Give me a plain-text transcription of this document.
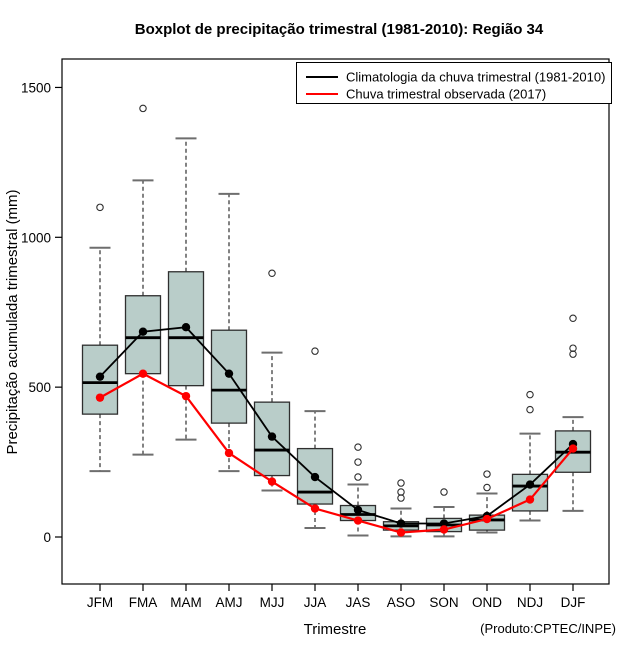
Boxplot de precipitação trimestral (1981-2010): Região 34
0
500
1000
1500
JFM FMA MAM AMJ MJJ JJA JAS ASO SON OND NDJ DJF
Climatologia da chuva trimestral (1981-2010)
Chuva trimestral observada (2017)
Precipitação acumulada trimestral (mm)
Trimestre	(Produto:CPTEC/INPE)
